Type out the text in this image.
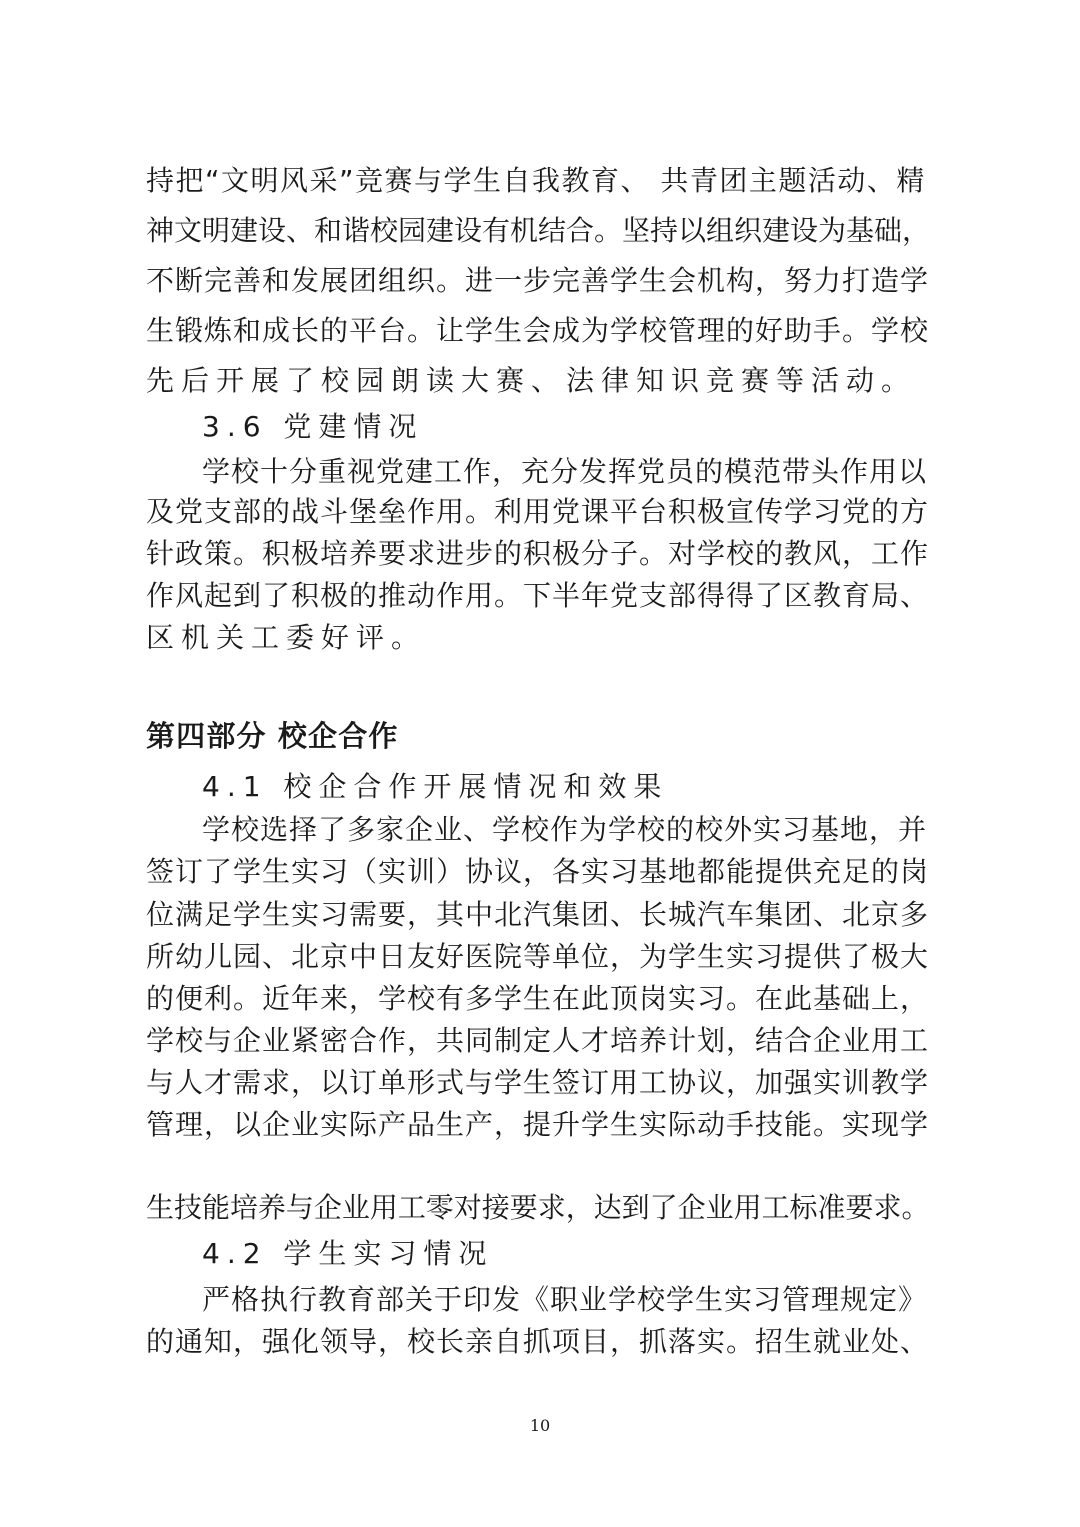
持把“文明风采”竞赛与学生自我教育、 共青团主题活动、精
神文明建设、和谐校园建设有机结合。坚持以组织建设为基础，
不断完善和发展团组织。进一步完善学生会机构，努力打造学
生锻炼和成长的平台。让学生会成为学校管理的好助手。学校
先后开展了校园朗读大赛、法律知识竞赛等活动。
3.6 党建情况
学校十分重视党建工作，充分发挥党员的模范带头作用以
及党支部的战斗堡垒作用。利用党课平台积极宣传学习党的方
针政策。积极培养要求进步的积极分子。对学校的教风，工作
作风起到了积极的推动作用。下半年党支部得得了区教育局、
区机关工委好评。
第四部分 校企合作
4.1 校企合作开展情况和效果
学校选择了多家企业、学校作为学校的校外实习基地，并
签订了学生实习（实训）协议，各实习基地都能提供充足的岗
位满足学生实习需要，其中北汽集团、长城汽车集团、北京多
所幼儿园、北京中日友好医院等单位，为学生实习提供了极大
的便利。近年来，学校有多学生在此顶岗实习。在此基础上，
学校与企业紧密合作，共同制定人才培养计划，结合企业用工
与人才需求，以订单形式与学生签订用工协议，加强实训教学
管理，以企业实际产品生产，提升学生实际动手技能。实现学
生技能培养与企业用工零对接要求，达到了企业用工标准要求。
4.2 学生实习情况
严格执行教育部关于印发《职业学校学生实习管理规定》
的通知，强化领导，校长亲自抓项目，抓落实。招生就业处、
10
